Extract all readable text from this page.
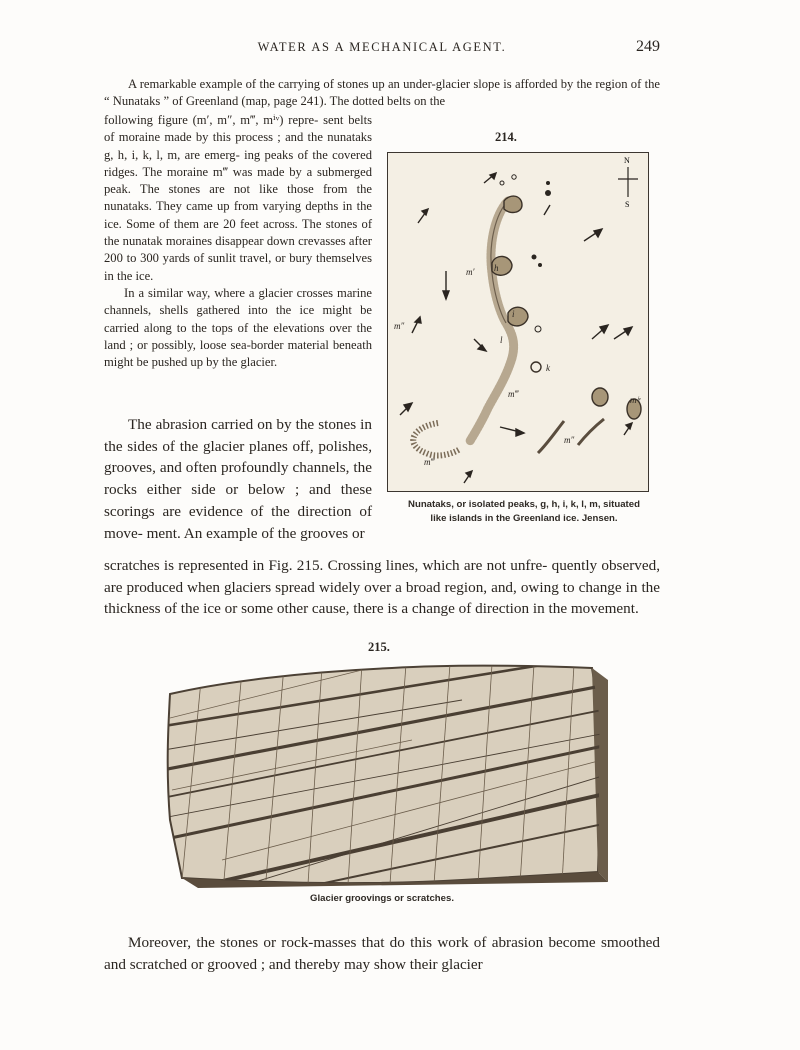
WATER AS A MECHANICAL AGENT.	249

A remarkable example of the carrying of stones up an under-glacier slope is afforded by the region of the “ Nunataks ” of Greenland (map, page 241). The dotted belts on the

following figure (m′, m″, m‴, mⁱᵛ) repre- sent belts of moraine made by this process ; and the nunataks g, h, i, k, l, m, are emerg- ing peaks of the covered ridges. The moraine m‴ was made by a submerged peak. The stones are not like those from the nunataks. They came up from varying depths in the ice. Some of them are 20 feet across. The stones of the nunatak moraines disappear down crevasses after 200 to 300 yards of sunlit travel, or bury themselves in the ice.

In a similar way, where a glacier crosses marine channels, shells gathered into the ice might be carried along to the tops of the elevations over the land ; or possibly, loose sea-border material beneath might be pushed up by the glacier.

The abrasion carried on by the stones in the sides of the glacier planes off, polishes, grooves, and often profoundly channels, the rocks either side or below ; and these scorings are evidence of the direction of move- ment. An example of the grooves or

scratches is represented in Fig. 215. Crossing lines, which are not unfre- quently observed, are produced when glaciers spread widely over a broad region, and, owing to change in the thickness of the ice or some other cause, there is a change of direction in the movement.

214.
N
S
m′
m″
m‴
m″
m‴
mⁱᵛ
h
i
l
k
Nunataks, or isolated peaks, g, h, i, k, l, m, situated
like islands in the Greenland ice. Jensen.
215.
Glacier groovings or scratches.

Moreover, the stones or rock-masses that do this work of abrasion become smoothed and scratched or grooved ; and thereby may show their glacier
